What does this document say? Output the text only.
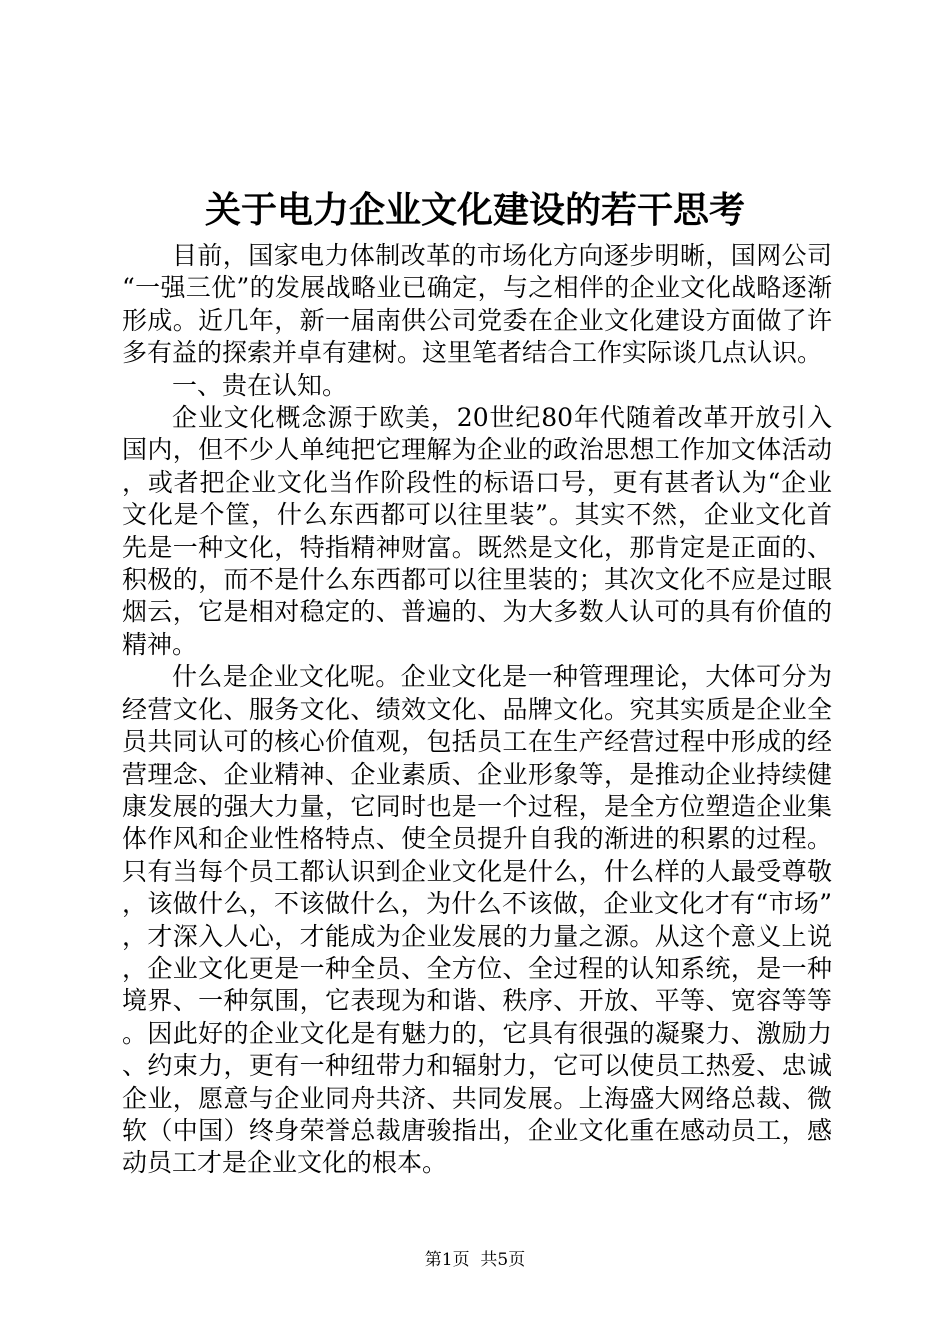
关于电力企业文化建设的若干思考

目前，国家电力体制改革的市场化方向逐步明晰，国网公司“一强三优”的发展战略业已确定，与之相伴的企业文化战略逐渐形成。近几年，新一届南供公司党委在企业文化建设方面做了许多有益的探索并卓有建树。这里笔者结合工作实际谈几点认识。

一、贵在认知。

企业文化概念源于欧美，20世纪80年代随着改革开放引入国内，但不少人单纯把它理解为企业的政治思想工作加文体活动，或者把企业文化当作阶段性的标语口号，更有甚者认为“企业文化是个筐，什么东西都可以往里装”。其实不然，企业文化首先是一种文化，特指精神财富。既然是文化，那肯定是正面的、积极的，而不是什么东西都可以往里装的；其次文化不应是过眼烟云，它是相对稳定的、普遍的、为大多数人认可的具有价值的精神。

什么是企业文化呢。企业文化是一种管理理论，大体可分为经营文化、服务文化、绩效文化、品牌文化。究其实质是企业全员共同认可的核心价值观，包括员工在生产经营过程中形成的经营理念、企业精神、企业素质、企业形象等，是推动企业持续健康发展的强大力量，它同时也是一个过程，是全方位塑造企业集体作风和企业性格特点、使全员提升自我的渐进的积累的过程。只有当每个员工都认识到企业文化是什么，什么样的人最受尊敬，该做什么，不该做什么，为什么不该做，企业文化才有“市场”，才深入人心，才能成为企业发展的力量之源。从这个意义上说，企业文化更是一种全员、全方位、全过程的认知系统，是一种境界、一种氛围，它表现为和谐、秩序、开放、平等、宽容等等。因此好的企业文化是有魅力的，它具有很强的凝聚力、激励力、约束力，更有一种纽带力和辐射力，它可以使员工热爱、忠诚企业，愿意与企业同舟共济、共同发展。上海盛大网络总裁、微软（中国）终身荣誉总裁唐骏指出，企业文化重在感动员工，感动员工才是企业文化的根本。

第1页 共5页
